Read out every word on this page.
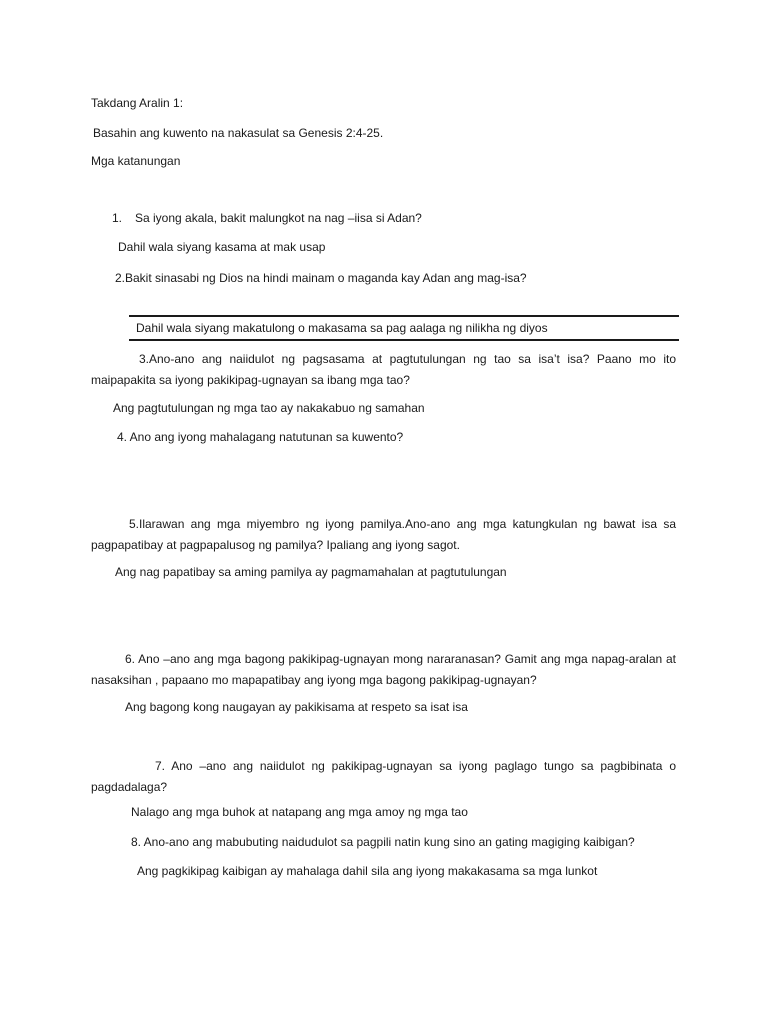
Takdang Aralin 1:
Basahin ang kuwento na nakasulat sa Genesis 2:4-25.
Mga katanungan
1. Sa iyong akala, bakit malungkot na nag –iisa si Adan?
Dahil wala siyang kasama at mak usap
2.Bakit sinasabi ng Dios na hindi mainam o maganda kay Adan ang mag-isa?
Dahil wala siyang makatulong o makasama sa pag aalaga ng nilikha ng diyos
3.Ano-ano ang naiidulot ng pagsasama at pagtutulungan ng tao sa isa’t isa? Paano mo ito maipapakita sa iyong pakikipag-ugnayan sa ibang mga tao?
Ang pagtutulungan ng mga tao ay nakakabuo ng samahan
4. Ano ang iyong mahalagang natutunan sa kuwento?
5.Ilarawan ang mga miyembro ng iyong pamilya.Ano-ano ang mga katungkulan ng bawat isa sa pagpapatibay at pagpapalusog ng pamilya? Ipaliang ang iyong sagot.
Ang nag papatibay sa aming pamilya ay pagmamahalan at pagtutulungan
6. Ano –ano ang mga bagong pakikipag-ugnayan mong nararanasan? Gamit ang mga napag-aralan at nasaksihan , papaano mo mapapatibay ang iyong mga bagong pakikipag-ugnayan?
Ang bagong kong naugayan ay pakikisama at respeto sa isat isa
7. Ano –ano ang naiidulot ng pakikipag-ugnayan sa iyong paglago tungo sa pagbibinata o pagdadalaga?
Nalago ang mga buhok at natapang ang mga amoy ng mga tao
8. Ano-ano ang mabubuting naidudulot sa pagpili natin kung sino an gating magiging kaibigan?
Ang pagkikipag kaibigan ay mahalaga dahil sila ang iyong makakasama sa mga lunkot
